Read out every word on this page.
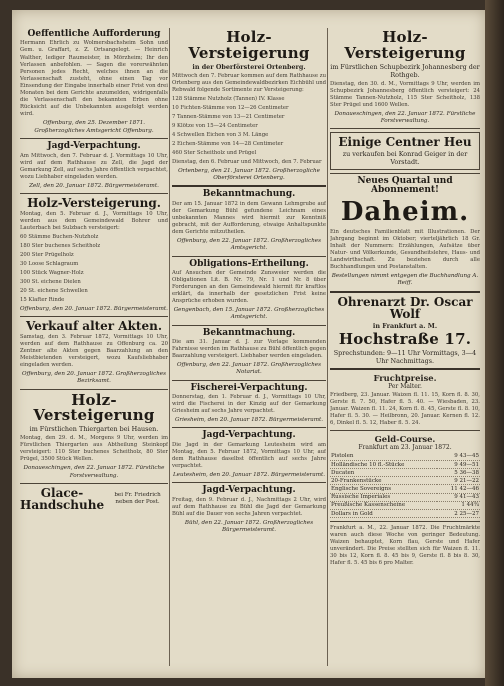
Oeffentliche Aufforderung
Hermann Ehrlich zu Wolmersbachsheim Sohn und Gem. u. Graffart, z. Z. Ortsangelegt. — Heinrich Walther, lediger Raumeister, in Mörzheim; Ihr den Verlassen anbefohlen. — Sagen die vorerwähnten Personen jedes Recht, welches ihnen an die Verlassenschaft zusteht, ohne einen Tag vor Einsendung der Eingabe innerhalb einer Frist von drei Monaten bei dem Gerichte anzumelden, widrigenfalls die Verlassenschaft den bekannten Erben ohne Rücksicht auf die Unbekannten ausgefolgt werden wird.
Offenburg, den 25. Dezember 1871.
Großherzogliches Amtsgericht Offenburg.
Jagd-Verpachtung.
Am Mittwoch, den 7. Februar d. J. Vormittags 10 Uhr, wird auf dem Rathhause zu Zell, die Jagd der Gemarkung Zell, auf sechs Jahre öffentlich verpachtet, wozu Liebhaber eingeladen werden.
Zell, den 20. Januar 1872. Bürgermeisteramt.
Holz-Versteigerung.
Montag, den 5. Februar d. J., Vormittags 10 Uhr, werden aus dem Gemeindewald Bohrer und Lauterbach bei Sulzbach versteigert:
60 Stämme Buchen-Nutzholz
180 Ster buchenes Scheitholz
200 Ster Prügelholz
30 Loose Schlagraum
100 Stück Wagner-Holz
300 St. eichene Dielen
20 St. eichene Schwellen
15 Klafter Rinde
Offenburg, den 20. Januar 1872. Bürgermeisteramt.
Verkauf alter Akten.
Samstag, den 3. Februar 1872, Vormittags 10 Uhr, werden auf dem Rathhause zu Offenburg ca. 20 Zentner alte Akten gegen Baarzahlung an den Meistbietenden versteigert, wozu Kaufsliebhaber eingeladen werden.
Offenburg, den 20. Januar 1872. Großherzogliches Bezirksamt.
Holz-Versteigerung
im Fürstlichen Thiergarten bei Hausen.
Montag, den 29. d. M., Morgens 9 Uhr, werden im Fürstlichen Thiergarten aus Abtheilung Steinkopf versteigert: 110 Ster buchenes Scheitholz, 80 Ster Prügel, 3500 Stück Wellen.
Donaueschingen, den 22. Januar 1872. Fürstliche Forstverwaltung.
Glace-Handschuhe
bei Fr. Friedrich neben der Post.
Holz-Versteigerung
in der Oberförsterei Ortenberg.
Mittwoch den 7. Februar kommen auf dem Rathhause zu Ortenberg aus den Gemeindewaldbezirken Eichbühl und Rebwald folgende Sortimente zur Versteigerung:
128 Stämme Nutzholz (Tannen) IV. Klasse
10 Fichten-Stämme von 12—26 Centimeter
7 Tannen-Stämme von 13—21 Centimeter
9 Klötze von 15—24 Centimeter
4 Schwellen Eichen von 3 M. Länge
2 Eichen-Stämme von 14—28 Centimeter
460 Ster Scheitholz und Prügel
Dienstag, den 6. Februar und Mittwoch, den 7. Februar
Ortenberg, den 21. Januar 1872. Großherzogliche Oberförsterei Ortenberg.
Bekanntmachung.
Der am 15. Januar 1872 in dem Gewann Lehmgrube auf der Gemarkung Bühl gefundene Leichnam eines unbekannten Mannes wird hiermit zur Kenntniß gebracht, mit der Aufforderung, etwaige Anhaltspunkte dem Gerichte mitzutheilen.
Offenburg, den 22. Januar 1872. Großherzogliches Amtsgericht.
Obligations-Ertheilung.
Auf Ansuchen der Gemeinde Zunsweier werden die Obligationen Lit. B. Nr. 79, Nr. 1 und Nr. 8 über Forderungen an den Gemeindewald hiermit für kraftlos erklärt, da innerhalb der gesetzlichen Frist keine Ansprüche erhoben wurden.
Gengenbach, den 15. Januar 1872. Großherzogliches Amtsgericht.
Bekanntmachung.
Die am 31. Januar d. J. zur Vorlage kommenden Fahrnisse werden im Rathhause zu Bühl öffentlich gegen Baarzahlung versteigert. Liebhaber werden eingeladen.
Offenburg, den 22. Januar 1872. Großherzogliches Notariat.
Fischerei-Verpachtung.
Donnerstag, den 1. Februar d. J., Vormittags 10 Uhr, wird die Fischerei in der Kinzig auf der Gemarkung Griesheim auf sechs Jahre verpachtet.
Griesheim, den 20. Januar 1872. Bürgermeisteramt.
Jagd-Verpachtung.
Die Jagd in der Gemarkung Leutesheim wird am Montag, den 5. Februar 1872, Vormittags 10 Uhr, auf dem Rathhause daselbst öffentlich auf sechs Jahre verpachtet.
Leutesheim, den 20. Januar 1872. Bürgermeisteramt.
Jagd-Verpachtung.
Freitag, den 9. Februar d. J., Nachmittags 2 Uhr, wird auf dem Rathhause zu Bühl die Jagd der Gemarkung Bühl auf die Dauer von sechs Jahren verpachtet.
Bühl, den 22. Januar 1872. Großherzogliches Bürgermeisteramt.
Holz-Versteigerung
im Fürstlichen Schupbezirk Johannesberg der Rothgeb.
Dienstag, den 30. d. M., Vormittags 9 Uhr, werden im Schupbezirk Johannesberg öffentlich versteigert: 24 Stämme Tannen-Nutzholz, 115 Ster Scheitholz, 138 Ster Prügel und 1600 Wellen.
Donaueschingen, den 22. Januar 1872. Fürstliche Forstverwaltung.
Einige Centner Heu
zu verkaufen bei Konrad Geiger in der Vorstadt.
Neues Quartal und Abonnement!
Daheim.
Ein deutsches Familienblatt mit Illustrationen. Der Jahrgang beginnt im Oktober; vierteljährlich 18 Gr. Inhalt der Nummern: Erzählungen, Aufsätze über Natur- und Völkerkunde, Gesundheitslehre, Haus- und Landwirthschaft. Zu beziehen durch alle Buchhandlungen und Postanstalten.
Bestellungen nimmt entgegen die Buchhandlung A. Reiff.
Ohrenarzt Dr. Oscar Wolf
in Frankfurt a. M.
Hochstraße 17.
Sprechstunden: 9—11 Uhr Vormittags, 3—4 Uhr Nachmittags.
Fruchtpreise.
Per Malter.
Friedberg, 23. Januar. Waizen fl. 11. 15, Korn fl. 8. 30, Gerste fl. 7. 50, Hafer fl. 5. 40. — Wiesbaden, 23. Januar. Waizen fl. 11. 24, Korn fl. 8. 45, Gerste fl. 8. 10, Hafer fl. 5. 30. — Heilbronn, 20. Januar. Kernen fl. 12. 6, Dinkel fl. 5. 12, Haber fl. 5. 24.
Geld-Course.
Frankfurt am 23. Januar 1872.
Pistolen	9 43—45
Holländische 10 fl.-Stücke	9 49—51
Ducaten	5 36—38
20-Frankenstücke	9 21—22
Englische Sovereigns	11 42—46
Russische Imperiales	9 41—43
Preußische Kassenscheine	1 44¾
Dollars in Gold	2 25—27
Frankfurt a. M., 22. Januar 1872. Die Fruchtmärkte waren auch diese Woche von geringer Bedeutung. Waizen behauptet, Korn flau, Gerste und Hafer unverändert. Die Preise stellten sich für Waizen fl. 11. 30 bis 12, Korn fl. 8. 45 bis 9, Gerste fl. 8 bis 8. 30, Hafer fl. 5. 45 bis 6 pro Malter.
